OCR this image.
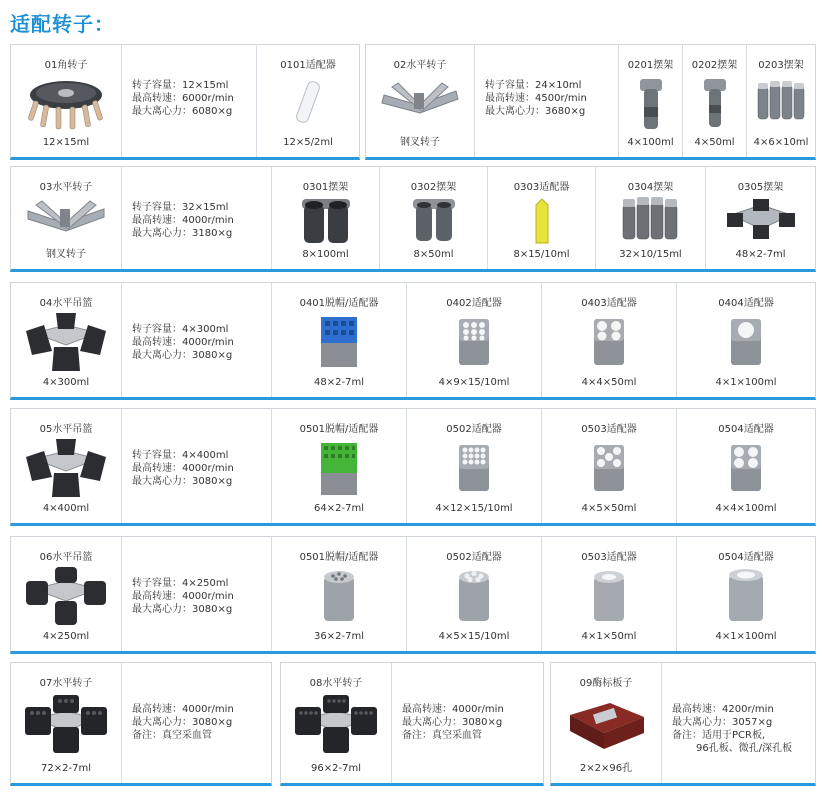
适配转子：
01角转子
12×15ml
转子容量：12×15ml
最高转速：6000r/min
最大离心力：6080×g
0101适配器
12×5/2ml
02水平转子
钢叉转子
转子容量：24×10ml
最高转速：4500r/min
最大离心力：3680×g
0201摆架
4×100ml
0202摆架
4×50ml
0203摆架
4×6×10ml
03水平转子
钢叉转子
转子容量：32×15ml
最高转速：4000r/min
最大离心力：3180×g
0301摆架
8×100ml
0302摆架
8×50ml
0303适配器
8×15/10ml
0304摆架
32×10/15ml
0305摆架
48×2-7ml
04水平吊篮
4×300ml
转子容量：4×300ml
最高转速：4000r/min
最大离心力：3080×g
0401脱帽/适配器
48×2-7ml
0402适配器
4×9×15/10ml
0403适配器
4×4×50ml
0404适配器
4×1×100ml
05水平吊篮
4×400ml
转子容量：4×400ml
最高转速：4000r/min
最大离心力：3080×g
0501脱帽/适配器
64×2-7ml
0502适配器
4×12×15/10ml
0503适配器
4×5×50ml
0504适配器
4×4×100ml
06水平吊篮
4×250ml
转子容量：4×250ml
最高转速：4000r/min
最大离心力：3080×g
0501脱帽/适配器
36×2-7ml
0502适配器
4×5×15/10ml
0503适配器
4×1×50ml
0504适配器
4×1×100ml
07水平转子
72×2-7ml
最高转速：4000r/min
最大离心力：3080×g
备注：真空采血管
08水平转子
96×2-7ml
最高转速：4000r/min
最大离心力：3080×g
备注：真空采血管
09酶标板子
2×2×96孔
最高转速：4200r/min
最大离心力：3057×g
备注：适用于PCR板,
96孔板、微孔/深孔板
